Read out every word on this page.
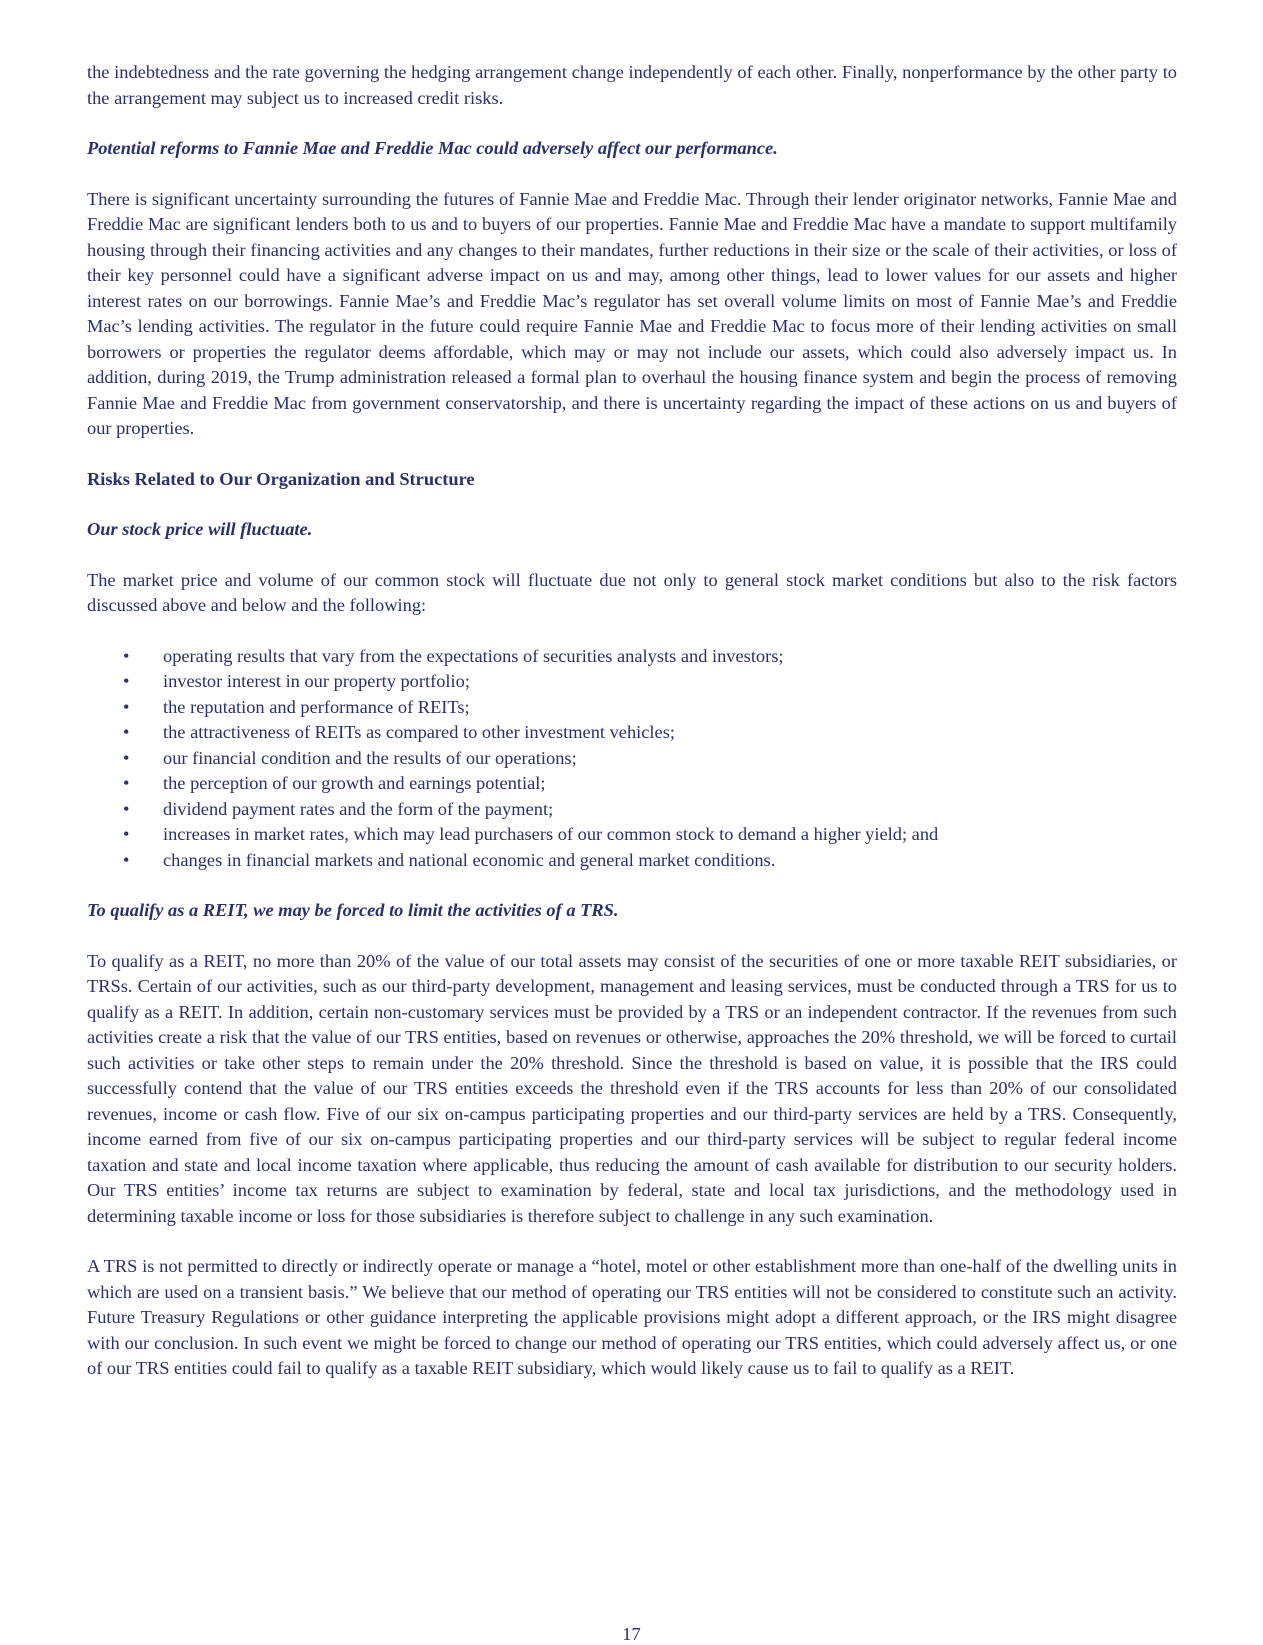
the indebtedness and the rate governing the hedging arrangement change independently of each other. Finally, nonperformance by the other party to the arrangement may subject us to increased credit risks.

Potential reforms to Fannie Mae and Freddie Mac could adversely affect our performance.

There is significant uncertainty surrounding the futures of Fannie Mae and Freddie Mac. Through their lender originator networks, Fannie Mae and Freddie Mac are significant lenders both to us and to buyers of our properties. Fannie Mae and Freddie Mac have a mandate to support multifamily housing through their financing activities and any changes to their mandates, further reductions in their size or the scale of their activities, or loss of their key personnel could have a significant adverse impact on us and may, among other things, lead to lower values for our assets and higher interest rates on our borrowings. Fannie Mae’s and Freddie Mac’s regulator has set overall volume limits on most of Fannie Mae’s and Freddie Mac’s lending activities. The regulator in the future could require Fannie Mae and Freddie Mac to focus more of their lending activities on small borrowers or properties the regulator deems affordable, which may or may not include our assets, which could also adversely impact us. In addition, during 2019, the Trump administration released a formal plan to overhaul the housing finance system and begin the process of removing Fannie Mae and Freddie Mac from government conservatorship, and there is uncertainty regarding the impact of these actions on us and buyers of our properties.

Risks Related to Our Organization and Structure

Our stock price will fluctuate.

The market price and volume of our common stock will fluctuate due not only to general stock market conditions but also to the risk factors discussed above and below and the following:

• operating results that vary from the expectations of securities analysts and investors;
• investor interest in our property portfolio;
• the reputation and performance of REITs;
• the attractiveness of REITs as compared to other investment vehicles;
• our financial condition and the results of our operations;
• the perception of our growth and earnings potential;
• dividend payment rates and the form of the payment;
• increases in market rates, which may lead purchasers of our common stock to demand a higher yield; and
• changes in financial markets and national economic and general market conditions.

To qualify as a REIT, we may be forced to limit the activities of a TRS.

To qualify as a REIT, no more than 20% of the value of our total assets may consist of the securities of one or more taxable REIT subsidiaries, or TRSs. Certain of our activities, such as our third-party development, management and leasing services, must be conducted through a TRS for us to qualify as a REIT. In addition, certain non-customary services must be provided by a TRS or an independent contractor. If the revenues from such activities create a risk that the value of our TRS entities, based on revenues or otherwise, approaches the 20% threshold, we will be forced to curtail such activities or take other steps to remain under the 20% threshold. Since the threshold is based on value, it is possible that the IRS could successfully contend that the value of our TRS entities exceeds the threshold even if the TRS accounts for less than 20% of our consolidated revenues, income or cash flow. Five of our six on-campus participating properties and our third-party services are held by a TRS. Consequently, income earned from five of our six on-campus participating properties and our third-party services will be subject to regular federal income taxation and state and local income taxation where applicable, thus reducing the amount of cash available for distribution to our security holders. Our TRS entities’ income tax returns are subject to examination by federal, state and local tax jurisdictions, and the methodology used in determining taxable income or loss for those subsidiaries is therefore subject to challenge in any such examination.

A TRS is not permitted to directly or indirectly operate or manage a “hotel, motel or other establishment more than one-half of the dwelling units in which are used on a transient basis.” We believe that our method of operating our TRS entities will not be considered to constitute such an activity. Future Treasury Regulations or other guidance interpreting the applicable provisions might adopt a different approach, or the IRS might disagree with our conclusion. In such event we might be forced to change our method of operating our TRS entities, which could adversely affect us, or one of our TRS entities could fail to qualify as a taxable REIT subsidiary, which would likely cause us to fail to qualify as a REIT.

17
